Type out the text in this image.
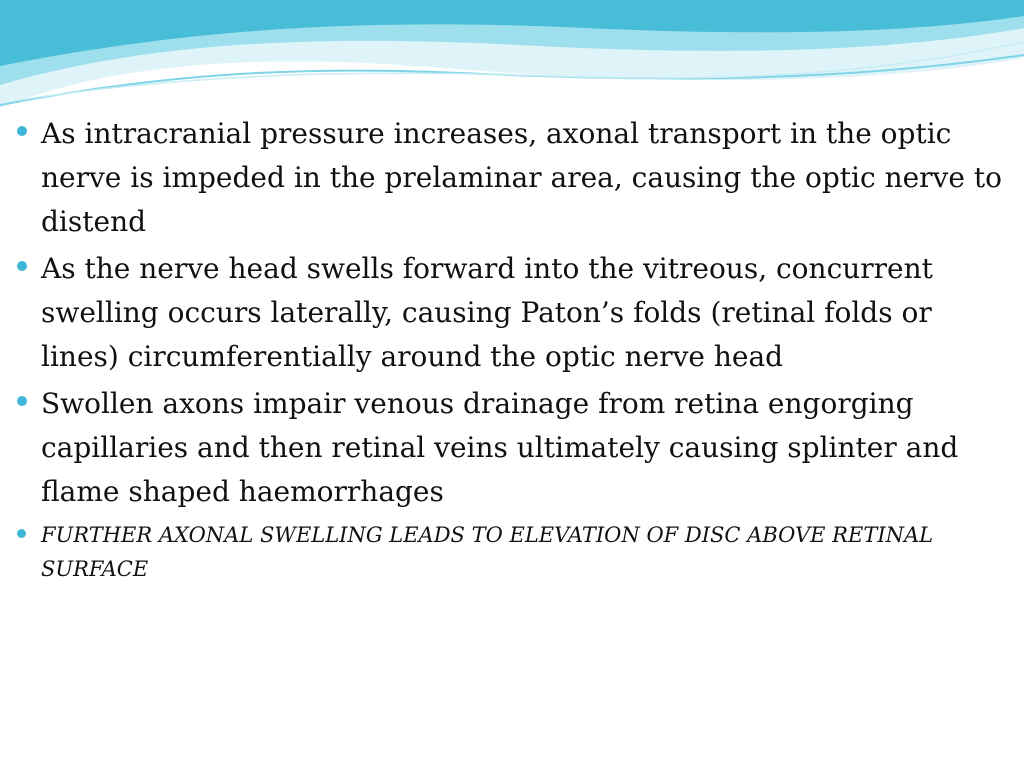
As intracranial pressure increases, axonal transport in the optic nerve is impeded in the prelaminar area, causing the optic nerve to distend
As the nerve head swells forward into the vitreous, concurrent swelling occurs laterally, causing Paton’s folds (retinal folds or lines) circumferentially around the optic nerve head
Swollen axons impair venous drainage from retina engorging capillaries and then retinal veins ultimately causing splinter and flame shaped haemorrhages
FURTHER AXONAL SWELLING LEADS TO ELEVATION OF DISC ABOVE RETINAL SURFACE
